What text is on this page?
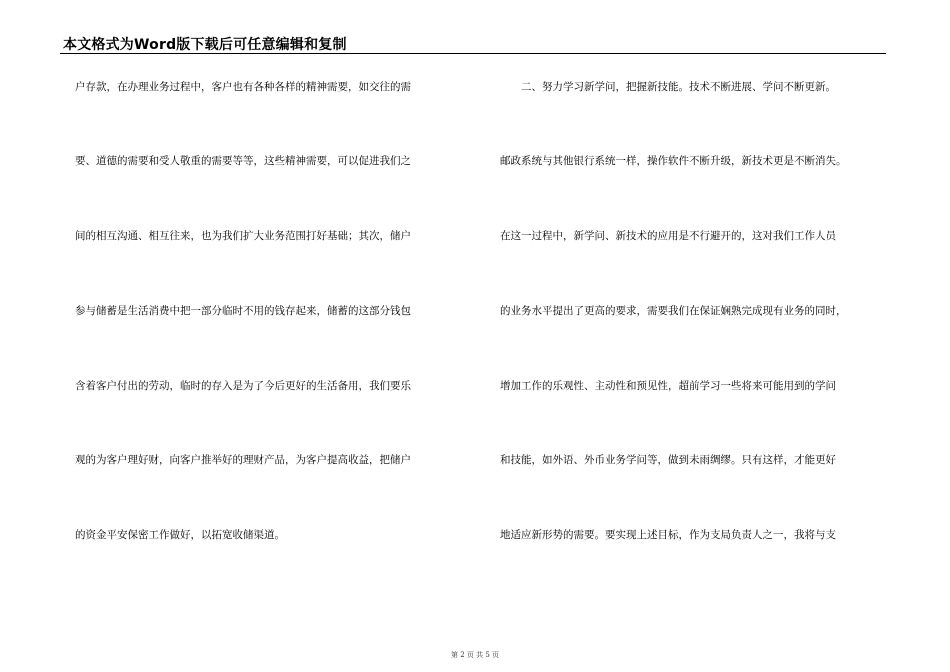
本文格式为Word版下载后可任意编辑和复制
户存款，在办理业务过程中，客户也有各种各样的精神需要，如交往的需
要、道德的需要和受人敬重的需要等等，这些精神需要，可以促进我们之
间的相互沟通、相互往来，也为我们扩大业务范围打好基础；其次，储户
参与储蓄是生活消费中把一部分临时不用的钱存起来，储蓄的这部分钱包
含着客户付出的劳动，临时的存入是为了今后更好的生活备用，我们要乐
观的为客户理好财，向客户推举好的理财产品，为客户提高收益，把储户
的资金平安保密工作做好，以拓宽收储渠道。
　　二、努力学习新学问，把握新技能。技术不断进展、学问不断更新。
邮政系统与其他银行系统一样，操作软件不断升级，新技术更是不断消失。
在这一过程中，新学问、新技术的应用是不行避开的，这对我们工作人员
的业务水平提出了更高的要求，需要我们在保证娴熟完成现有业务的同时，
增加工作的乐观性、主动性和预见性，超前学习一些将来可能用到的学问
和技能，如外语、外币业务学问等，做到未雨绸缪。只有这样，才能更好
地适应新形势的需要。要实现上述目标，作为支局负责人之一，我将与支
第 2 页 共 5 页
